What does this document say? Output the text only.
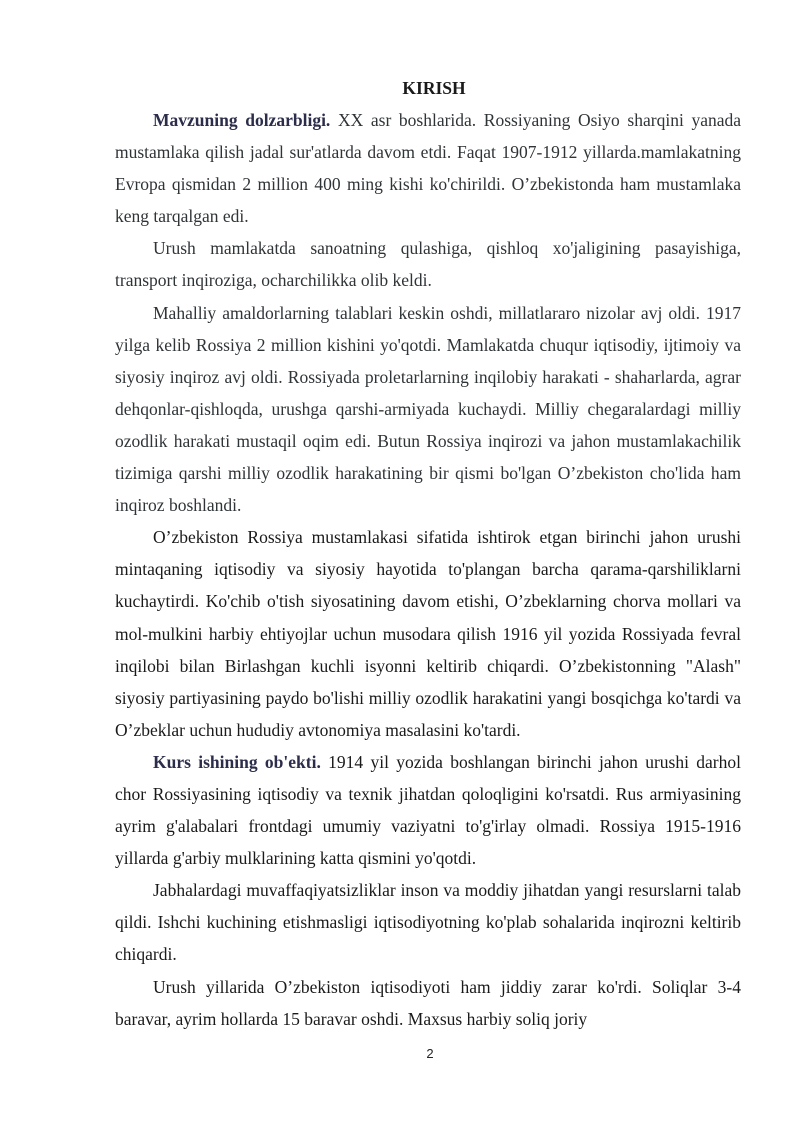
KIRISH

Mavzuning dolzarbligi. XX asr boshlarida. Rossiyaning Osiyo sharqini yanada mustamlaka qilish jadal sur'atlarda davom etdi. Faqat 1907-1912 yillarda.mamlakatning Evropa qismidan 2 million 400 ming kishi ko'chirildi. O’zbekistonda ham mustamlaka keng tarqalgan edi.

Urush mamlakatda sanoatning qulashiga, qishloq xo'jaligining pasayishiga, transport inqiroziga, ocharchilikka olib keldi.

Mahalliy amaldorlarning talablari keskin oshdi, millatlararo nizolar avj oldi. 1917 yilga kelib Rossiya 2 million kishini yo'qotdi. Mamlakatda chuqur iqtisodiy, ijtimoiy va siyosiy inqiroz avj oldi. Rossiyada proletarlarning inqilobiy harakati - shaharlarda, agrar dehqonlar-qishloqda, urushga qarshi-armiyada kuchaydi. Milliy chegaralardagi milliy ozodlik harakati mustaqil oqim edi. Butun Rossiya inqirozi va jahon mustamlakachilik tizimiga qarshi milliy ozodlik harakatining bir qismi bo'lgan O’zbekiston cho'lida ham inqiroz boshlandi.

O’zbekiston Rossiya mustamlakasi sifatida ishtirok etgan birinchi jahon urushi mintaqaning iqtisodiy va siyosiy hayotida to'plangan barcha qarama-qarshiliklarni kuchaytirdi. Ko'chib o'tish siyosatining davom etishi, O’zbeklarning chorva mollari va mol-mulkini harbiy ehtiyojlar uchun musodara qilish 1916 yil yozida Rossiyada fevral inqilobi bilan Birlashgan kuchli isyonni keltirib chiqardi. O’zbekistonning "Alash" siyosiy partiyasining paydo bo'lishi milliy ozodlik harakatini yangi bosqichga ko'tardi va O’zbeklar uchun hududiy avtonomiya masalasini ko'tardi.

Kurs ishining ob'ekti. 1914 yil yozida boshlangan birinchi jahon urushi darhol chor Rossiyasining iqtisodiy va texnik jihatdan qoloqligini ko'rsatdi. Rus armiyasining ayrim g'alabalari frontdagi umumiy vaziyatni to'g'irlay olmadi. Rossiya 1915-1916 yillarda g'arbiy mulklarining katta qismini yo'qotdi.

Jabhalardagi muvaffaqiyatsizliklar inson va moddiy jihatdan yangi resurslarni talab qildi. Ishchi kuchining etishmasligi iqtisodiyotning ko'plab sohalarida inqirozni keltirib chiqardi.

Urush yillarida O’zbekiston iqtisodiyoti ham jiddiy zarar ko'rdi. Soliqlar 3-4 baravar, ayrim hollarda 15 baravar oshdi. Maxsus harbiy soliq joriy

2
